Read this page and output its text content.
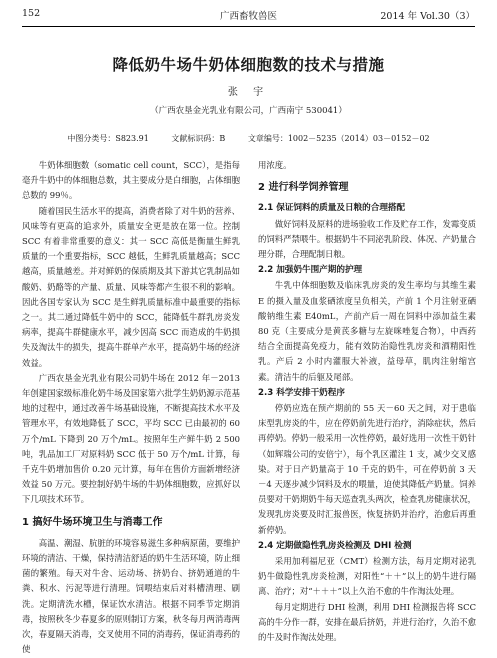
152	广西畜牧兽医	2014 年 Vol.30（3）
降低奶牛场牛奶体细胞数的技术与措施
张 宇
（广西农垦金光乳业有限公司，广西南宁 530041）
中图分类号：S823.91	文献标识码：B	文章编号：1002－5235（2014）03－0152－02

牛奶体细胞数（somatic cell count，SCC），是指每毫升牛奶中的体细胞总数，其主要成分是白细胞，占体细胞总数的 99％。

随着国民生活水平的提高，消费者除了对牛奶的营养、风味等有更高的追求外，质量安全更是放在第一位。控制 SCC 有着非常重要的意义：其一 SCC 高低是衡量生鲜乳质量的一个重要指标，SCC 越低，生鲜乳质量越高；SCC 越高，质量越差。并对鲜奶的保质期及其下游其它乳制品如酸奶、奶酪等的产量、质量、风味等都产生很不利的影响。因此各国专家认为 SCC 是生鲜乳质量标准中最重要的指标之一。其二通过降低牛奶中的 SCC，能降低牛群乳房炎发病率，提高牛群健康水平，减少因高 SCC 而造成的牛奶损失及淘汰牛的损失，提高牛群单产水平，提高奶牛场的经济效益。

广西农垦金光乳业有限公司奶牛场在 2012 年－2013 年创建国家级标准化奶牛场及国家第六批学生奶奶源示范基地的过程中，通过改善牛场基础设施，不断提高技术水平及管理水平，有效地降低了 SCC，平均 SCC 已由最初的 60 万个/mL 下降到 20 万个/mL。按照年生产鲜牛奶 2 500 吨，乳品加工厂对原料奶 SCC 低于 50 万个/mL 计算，每千克牛奶增加售价 0.20 元计算，每年在售价方面新增经济效益 50 万元。要控制好奶牛场的牛奶体细胞数，应抓好以下几项技术环节。

1 搞好牛场环境卫生与消毒工作

高温、潮湿、肮脏的环境容易滋生多种病原菌，要维护环境的清洁、干燥，保持清洁舒适的奶牛生活环境，防止细菌的繁殖。每天对牛舍、运动场、挤奶台、挤奶通道的牛粪、积水、污泥等进行清理。饲喂结束后对料槽清理、刷洗。定期清洗水槽，保证饮水清洁。根据不同季节定期消毒，按照秋冬少春夏多的原则制订方案，秋冬每月两消毒两次，春夏隔天消毒，交叉使用不同的消毒药，保证消毒药的使

用浓度。

2 进行科学饲养管理
2.1 保证饲料的质量及日粮的合理搭配

做好饲料及原料的进场验收工作及贮存工作，发霉变质的饲料严禁喂牛。根据奶牛不同泌乳阶段、体况、产奶量合理分群，合理配制日粮。

2.2 加强奶牛围产期的护理

牛乳中体细胞数及临床乳房炎的发生率均与其维生素 E 的摄入量及血浆硒浓度呈负相关，产前 1 个月注射亚硒酸钠维生素 E40mL，产前产后一周在饲料中添加益生素 80 克（主要成分是黄芪多糖与左旋咪唑复合物），中西药结合全面提高免疫力，能有效防治隐性乳房炎和酒精阳性乳。产后 2 小时内灌服大补液，益母草，肌肉注射缩宫素。清洁牛的后躯及尾部。

2.3 科学安排干奶程序

停奶应选在预产期前的 55 天－60 天之间，对于患临床型乳房炎的牛，应在停奶前先进行治疗，消除症状，然后再停奶。停奶一般采用一次性停奶，最好选用一次性干奶针（如辉瑞公司的安倍宁），每个乳区灌注 1 支，减少交叉感染。对于日产奶量高于 10 千克的奶牛，可在停奶前 3 天－4 天逐步减少饲料及水的喂量，迫使其降低产奶量。饲养员要对干奶期奶牛每天巡查乳头两次，检查乳房健康状况，发现乳房炎要及时汇报兽医，恢复挤奶并治疗，治愈后再重新停奶。

2.4 定期做隐性乳房炎检测及 DHI 检测

采用加利福尼亚（CMT）检测方法，每月定期对泌乳奶牛做隐性乳房炎检测，对阳性“＋＋”以上的奶牛进行隔离、治疗；对“＋＋＋”以上久治不愈的牛作淘汰处理。

每月定期进行 DHI 检测，利用 DHI 检测报告将 SCC 高的牛分作一群，安排在最后挤奶，并进行治疗，久治不愈的牛及时作淘汰处理。
